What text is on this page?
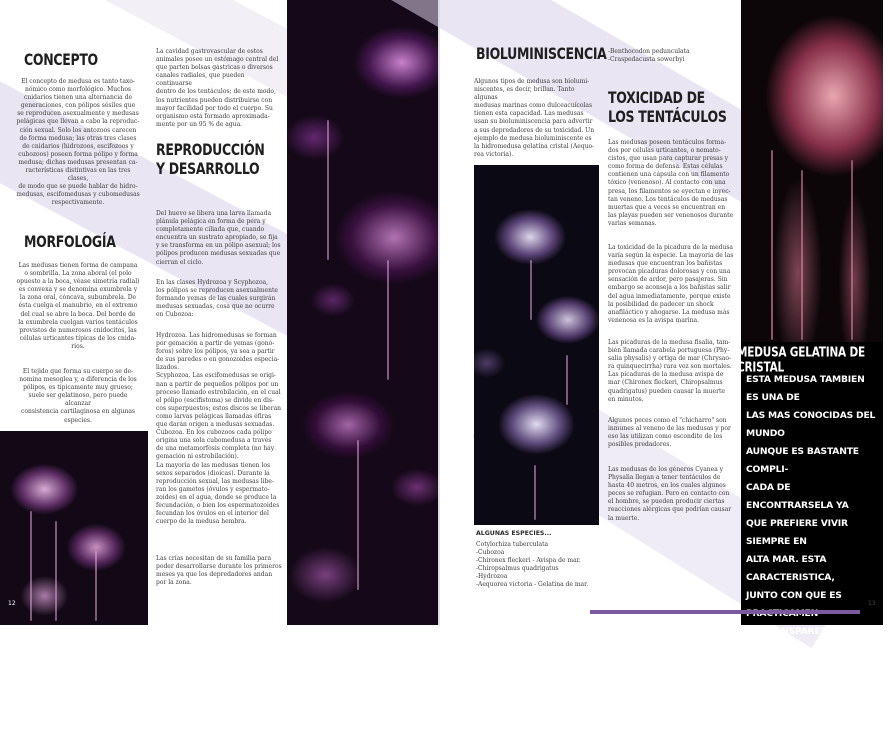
CONCEPTO
El concepto de medusa es tanto taxo-
nómico como morfológico. Muchos
cnidarios tienen una alternancia de
generaciones, con pólipos sésiles que
se reproducen asexualmente y medusas
pelágicas que llevan a cabo la reproduc-
ción sexual. Solo los antozoos carecen
de forma medusa; las otras tres clases
de cnidarios (hidrozoos, escifozoos y
cubozoos) poseen forma pólipo y forma
medusa; dichas medusas presentan ca-
racterísticas distintivas en las tres clases,
de modo que se puede hablar de hidro-
medusas, escifomedusas y cubomedusas
respectivamente.
MORFOLOGÍA
Las medusas tienen forma de campana
o sombrilla. La zona aboral (el polo
opuesto a la boca, véase simetría radial)
es convexa y se denomina exumbrela y
la zona oral, cóncava, subumbrela. De
ésta cuelga el manubrio, en el extremo
del cual se abre la boca. Del borde de
la exumbrela cuelgan varios tentáculos
provistos de numerosos cnidocitos, las
células urticantes típicas de los cnida-
rios.
El tejido que forma su cuerpo se de-
nomina mesoglea y, a diferencia de los
pólipos, es típicamente muy grueso;
suele ser gelatinoso, pero puede alcanzar
consistencia cartilaginosa en algunas
especies.
12
La cavidad gastrovascular de estos
animales posee un estómago central del
que parten bolsas gástricas o diversos
canales radiales, que pueden continuarse
dentro de los tentáculos; de este modo,
los nutrientes pueden distribuirse con
mayor facilidad por todo el cuerpo. Su
organismo está formado aproximada-
mente por un 95 % de agua.
REPRODUCCIÓN Y DESARROLLO
Del huevo se libera una larva llamada
plánula pelágica en forma de pera y
completamente ciliada que, cuando
encuentra un sustrato apropiado, se fija
y se transforma en un pólipo asexual; los
pólipos producen medusas sexuadas que
cierran el ciclo.
En las clases Hydrozoa y Scyphozoa,
los pólipos se reproducen asexualmente
formando yemas de las cuales surgirán
medusas sexuadas, cosa que no ocurre
en Cubozoa:
Hydrozoa. Las hidromedusas se forman
por gemación a partir de yemas (gonó-
foros) sobre los pólipos, ya sea a partir
de sus paredes o en gonozoides especia-
lizados.
Scyphozoa. Las escifomedusas se origi-
nan a partir de pequeños pólipos por un
proceso llamado estrobilación, en el cual
el pólipo (escifistoma) se divide en dis-
cos superpuestos; estos discos se liberan
como larvas pelágicas llamadas éfiras
que darán origen a medusas sexuadas.
Cubozoa. En los cubozoos cada pólipo
origina una sola cubomedusa a través
de una metamorfosis completa (no hay
gemación ni estrobilación).
La mayoría de las medusas tienen los
sexos separados (dioicas). Durante la
reproducción sexual, las medusas libe-
ran los gametos (óvulos y espermato-
zoides) en el agua, donde se produce la
fecundación, o bien los espermatozoides
fecundan los óvulos en el interior del
cuerpo de la medusa hembra.
Las crías necesitan de su familia para
poder desarrollarse durante los primeros
meses ya que los depredadores andan
por la zona.
BIOLUMINISCENCIA
Algunos tipos de medusa son biolumi-
niscentes, es decir, brillan. Tanto algunas
medusas marinas como dulceacuícolas
tienen esta capacidad. Las medusas
usan su bioluminiscencia para advertir
a sus depredadores de su toxicidad. Un
ejemplo de medusa bioluminiscente es
la hidromedusa gelatina cristal (Aequo-
rea victoria).
ALGUNAS ESPECIES...
Cotylorhiza tuberculata
-Cubozoa
-Chironex fleckeri - Avispa de mar.
-Chiropsalmus quadrigatus
-Hydrozoa
-Aequorea victoria - Gelatina de mar.
-Benthocodon pedunculata
-Craspedacusta sowerbyi
TOXICIDAD DE LOS TENTÁCULOS
Las medusas poseen tentáculos forma-
dos por células urticantes, o nemato-
cistos, que usan para capturar presas y
como forma de defensa. Estas células
contienen una cápsula con un filamento
tóxico (venenoso). Al contacto con una
presa, los filamentos se eyectan e inyec-
tan veneno. Los tentáculos de medusas
muertas que a veces se encuentran en
las playas pueden ser venenosos durante
varias semanas.
La toxicidad de la picadura de la medusa
varía según la especie. La mayoría de las
medusas que encuentran los bañistas
provocan picaduras dolorosas y con una
sensación de ardor, pero pasajeras. Sin
embargo se aconseja a los bañistas salir
del agua inmediatamente, porque existe
la posibilidad de padecer un shock
anafiláctico y ahogarse. La medusa más
venenosa es la avispa marina.
Las picaduras de la medusa fisalia, tam-
bién llamada carabela portuguesa (Phy-
salia physalis) y ortiga de mar (Chrysao-
ra quinquecirrha) rara vez son mortales.
Las picaduras de la medusa avispa de
mar (Chironex fleckeri, Chiropsalmus
quadrigatus) pueden causar la muerte
en minutos.
Algunos peces como el "chicharro" son
inmunes al veneno de las medusas y por
eso las utilizan como escondite de los
posibles predadores.
Las medusas de los géneros Cyanea y
Physalia llegan a tener tentáculos de
hasta 40 metros, en los cuales algunos
peces se refugian. Pero en contacto con
el hombre, se pueden producir ciertas
reacciones alérgicas que podrían causar
la muerte.
MEDUSA GELATINA DE CRISTAL
ESTA MEDUSA TAMBIEN ES UNA DE
LAS MAS CONOCIDAS DEL MUNDO
AUNQUE ES BASTANTE COMPLI-
CADA DE ENCONTRARSELA YA
QUE PREFIERE VIVIR SIEMPRE EN
ALTA MAR. ESTA CARACTERISTICA,
JUNTO CON QUE ES
TE TRANSPARENTE, PUEDE DIFI-
CULTAR EN EXTREMO TANTO SU
EXPLORACION COMO SU ESTUDIO.
13
